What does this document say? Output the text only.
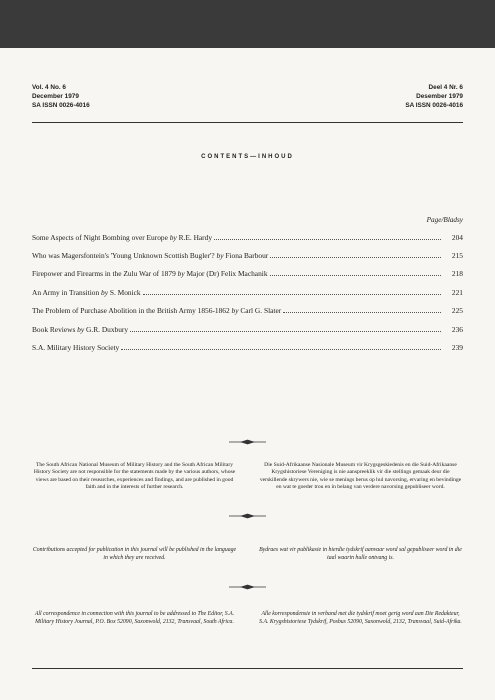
Vol. 4 No. 6
December 1979
SA ISSN 0026-4016
Deel 4 Nr. 6
Desember 1979
SA ISSN 0026-4016
CONTENTS—INHOUD
Page/Bladsy
Some Aspects of Night Bombing over Europe by R.E. Hardy	204
Who was Magersfontein's 'Young Unknown Scottish Bugler'? by Fiona Barbour	215
Firepower and Firearms in the Zulu War of 1879 by Major (Dr) Felix Machanik	218
An Army in Transition by S. Monick	221
The Problem of Purchase Abolition in the British Army 1856-1862 by Carl G. Slater	225
Book Reviews by G.R. Duxbury	236
S.A. Military History Society	239
The South African National Museum of Military History and the South African Military History Society are not responsible for the statements made by the various authors, whose views are based on their researches, experiences and findings, and are published in good faith and in the interests of further research.
Die Suid-Afrikaanse Nasionale Museum vir Krygsgeskiedenis en die Suid-Afrikaanse Krygshistoriese Vereniging is nie aanspreeklik vir die stellings gemaak deur die verskillende skrywers nie, wie se menings berus op hul navorsing, ervaring en bevindinge en wat te goeder trou en in belang van verdere navorsing gepubliseer word.
Contributions accepted for publication in this journal will be published in the language in which they are received.
Bydraes wat vir publikasie in hierdie tydskrif aanvaar word sal gepubliseer word in die taal waarin hulle ontvang is.
All correspondence in connection with this journal to be addressed to The Editor, S.A. Military History Journal, P.O. Box 52090, Saxonwold, 2132, Transvaal, South Africa.
Alle korrespondensie in verband met die tydskrif moet gerig word aan Die Redakteur, S.A. Krygshistoriese Tydskrif, Posbus 52090, Saxonwold, 2132, Transvaal, Suid-Afrika.
